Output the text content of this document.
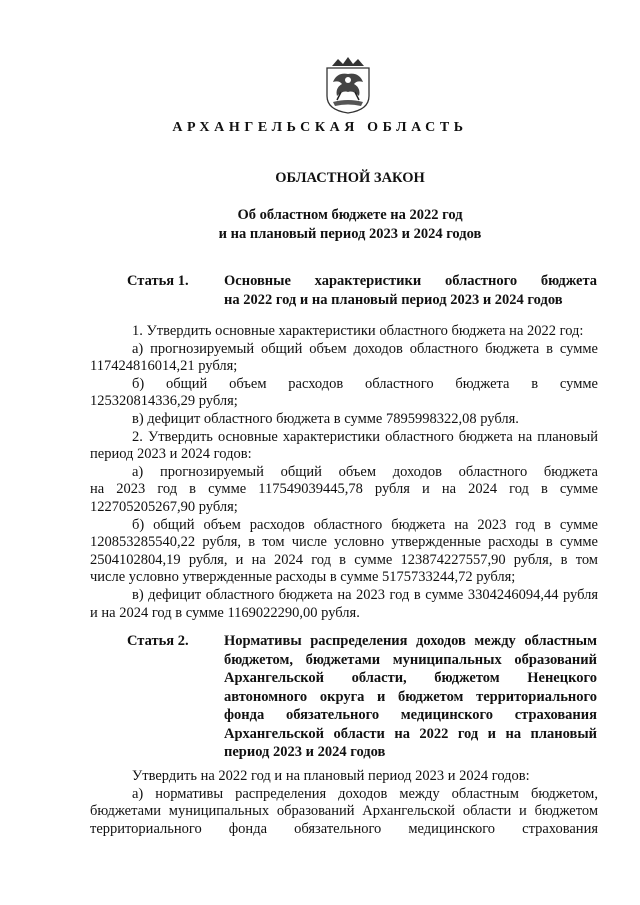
АРХАНГЕЛЬСКАЯ ОБЛАСТЬ
ОБЛАСТНОЙ ЗАКОН
Об областном бюджете на 2022 год
и на плановый период 2023 и 2024 годов
Статья 1. Основные характеристики областного бюджета
на 2022 год и на плановый период 2023 и 2024 годов
1. Утвердить основные характеристики областного бюджета на 2022 год:
а) прогнозируемый общий объем доходов областного бюджета в сумме
117424816014,21 рубля;
б) общий объем расходов областного бюджета в сумме
125320814336,29 рубля;
в) дефицит областного бюджета в сумме 7895998322,08 рубля.
2. Утвердить основные характеристики областного бюджета на плановый
период 2023 и 2024 годов:
а) прогнозируемый общий объем доходов областного бюджета
на 2023 год в сумме 117549039445,78 рубля и на 2024 год в сумме
122705205267,90 рубля;
б) общий объем расходов областного бюджета на 2023 год в сумме
120853285540,22 рубля, в том числе условно утвержденные расходы в сумме
2504102804,19 рубля, и на 2024 год в сумме 123874227557,90 рубля, в том
числе условно утвержденные расходы в сумме 5175733244,72 рубля;
в) дефицит областного бюджета на 2023 год в сумме 3304246094,44 рубля
и на 2024 год в сумме 1169022290,00 рубля.
Статья 2. Нормативы распределения доходов между областным
бюджетом, бюджетами муниципальных образований
Архангельской области, бюджетом Ненецкого
автономного округа и бюджетом территориального
фонда обязательного медицинского страхования
Архангельской области на 2022 год и на плановый
период 2023 и 2024 годов
Утвердить на 2022 год и на плановый период 2023 и 2024 годов:
а) нормативы распределения доходов между областным бюджетом,
бюджетами муниципальных образований Архангельской области и бюджетом
территориального фонда обязательного медицинского страхования
